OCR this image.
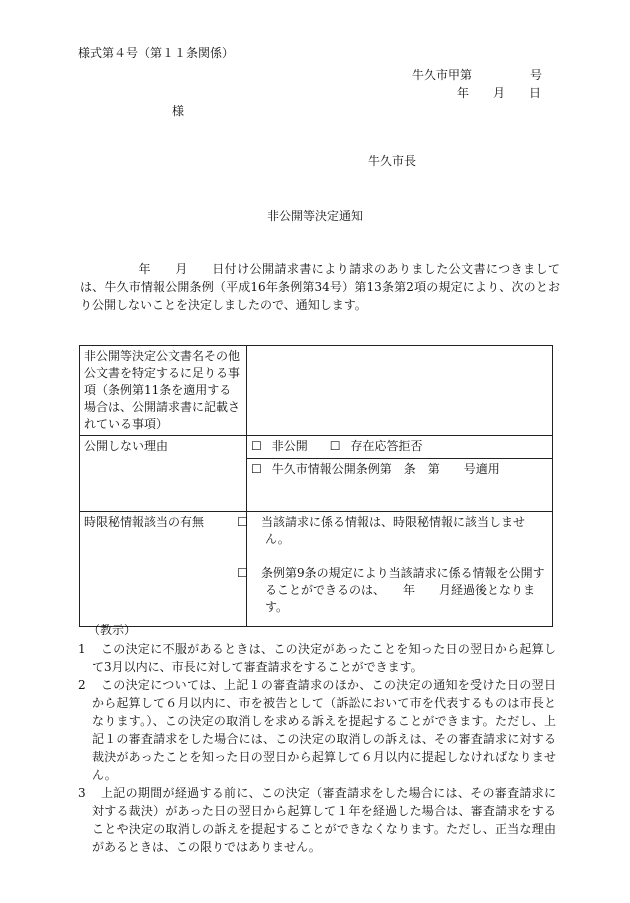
様式第４号（第１１条関係）
牛久市甲第	号
年 月 日
様
牛久市長
非公開等決定通知
年 月 日付け公開請求書により請求のありました公文書につきましては、牛久市情報公開条例（平成16年条例第34号）第13条第2項の規定により、次のとおり公開しないことを決定しましたので、通知します。
非公開等決定公文書名その他公文書を特定するに足りる事項（条例第11条を適用する場合は、公開請求書に記載されている事項）	
公開しない理由	☐ 非公開 ☐ 存在応答拒否
	☐ 牛久市情報公開条例第　条　第　　号適用
時限秘情報該当の有無	☐ 当該請求に係る情報は、時限秘情報に該当しません。
☐ 条例第9条の規定により当該請求に係る情報を公開することができるのは、　　年　　月経過後となります。
（教示）
1	この決定に不服があるときは、この決定があったことを知った日の翌日から起算して3月以内に、市長に対して審査請求をすることができます。
2	この決定については、上記１の審査請求のほか、この決定の通知を受けた日の翌日から起算して６月以内に、市を被告として（訴訟において市を代表するものは市長となります。）、この決定の取消しを求める訴えを提起することができます。ただし、上記１の審査請求をした場合には、この決定の取消しの訴えは、その審査請求に対する裁決があったことを知った日の翌日から起算して６月以内に提起しなければなりません。
3	上記の期間が経過する前に、この決定（審査請求をした場合には、その審査請求に対する裁決）があった日の翌日から起算して１年を経過した場合は、審査請求をすることや決定の取消しの訴えを提起することができなくなります。ただし、正当な理由があるときは、この限りではありません。
